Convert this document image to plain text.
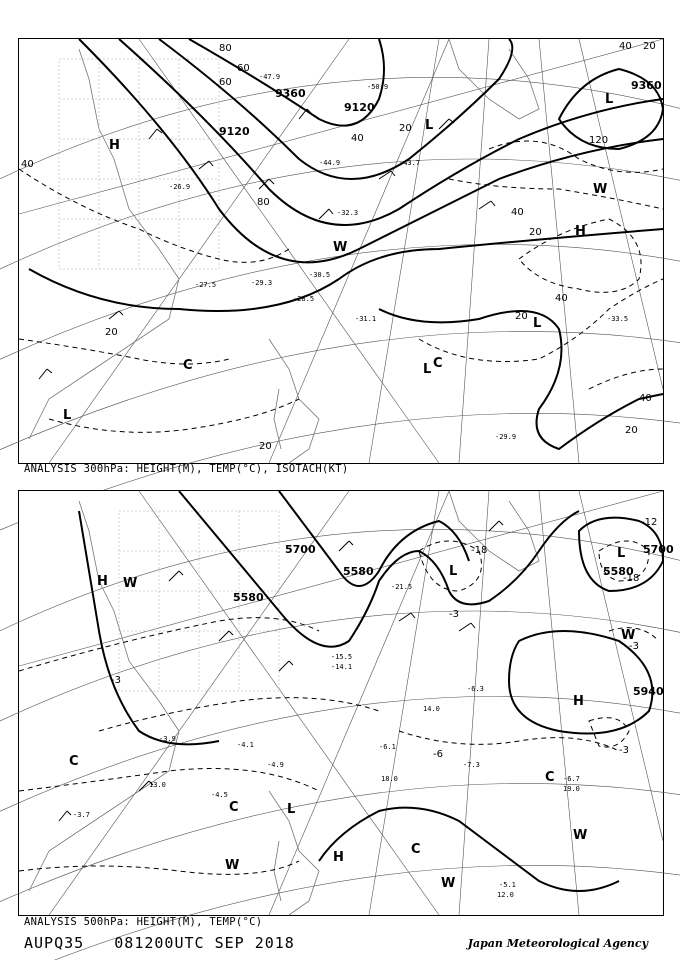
9360
9120
9360
9120
80
60
40
20
40
20
120
80
60
40
20
40 20
40
20
20
40
20
H
L
H
L
L
L
C	C
L
W
W
-26.9
-27.5	-29.3
-30.5
-32.3
-33.5
-28.5
-31.1
-29.9
-43.7
-44.9
-47.9
-50.9
ANALYSIS 300hPa: HEIGHT(M), TEMP(°C), ISOTACH(KT)
5700
5580
5700
5580
5940
5580
-12
-18
-18
-3
-3
-3
-6
-3
H
L
L
H
H
L
C
C
C
W
W
W
W
C
W
-3.9
-4.1
-4.9
-6.1
-6.3
-7.3
-6.7
-14.1
-15.5
-21.5
-5.1
-3.7
-4.5
13.0
14.0
18.0
12.0
19.0
ANALYSIS 500hPa: HEIGHT(M), TEMP(°C)
AUPQ35   081200UTC SEP 2018	Japan Meteorological Agency
